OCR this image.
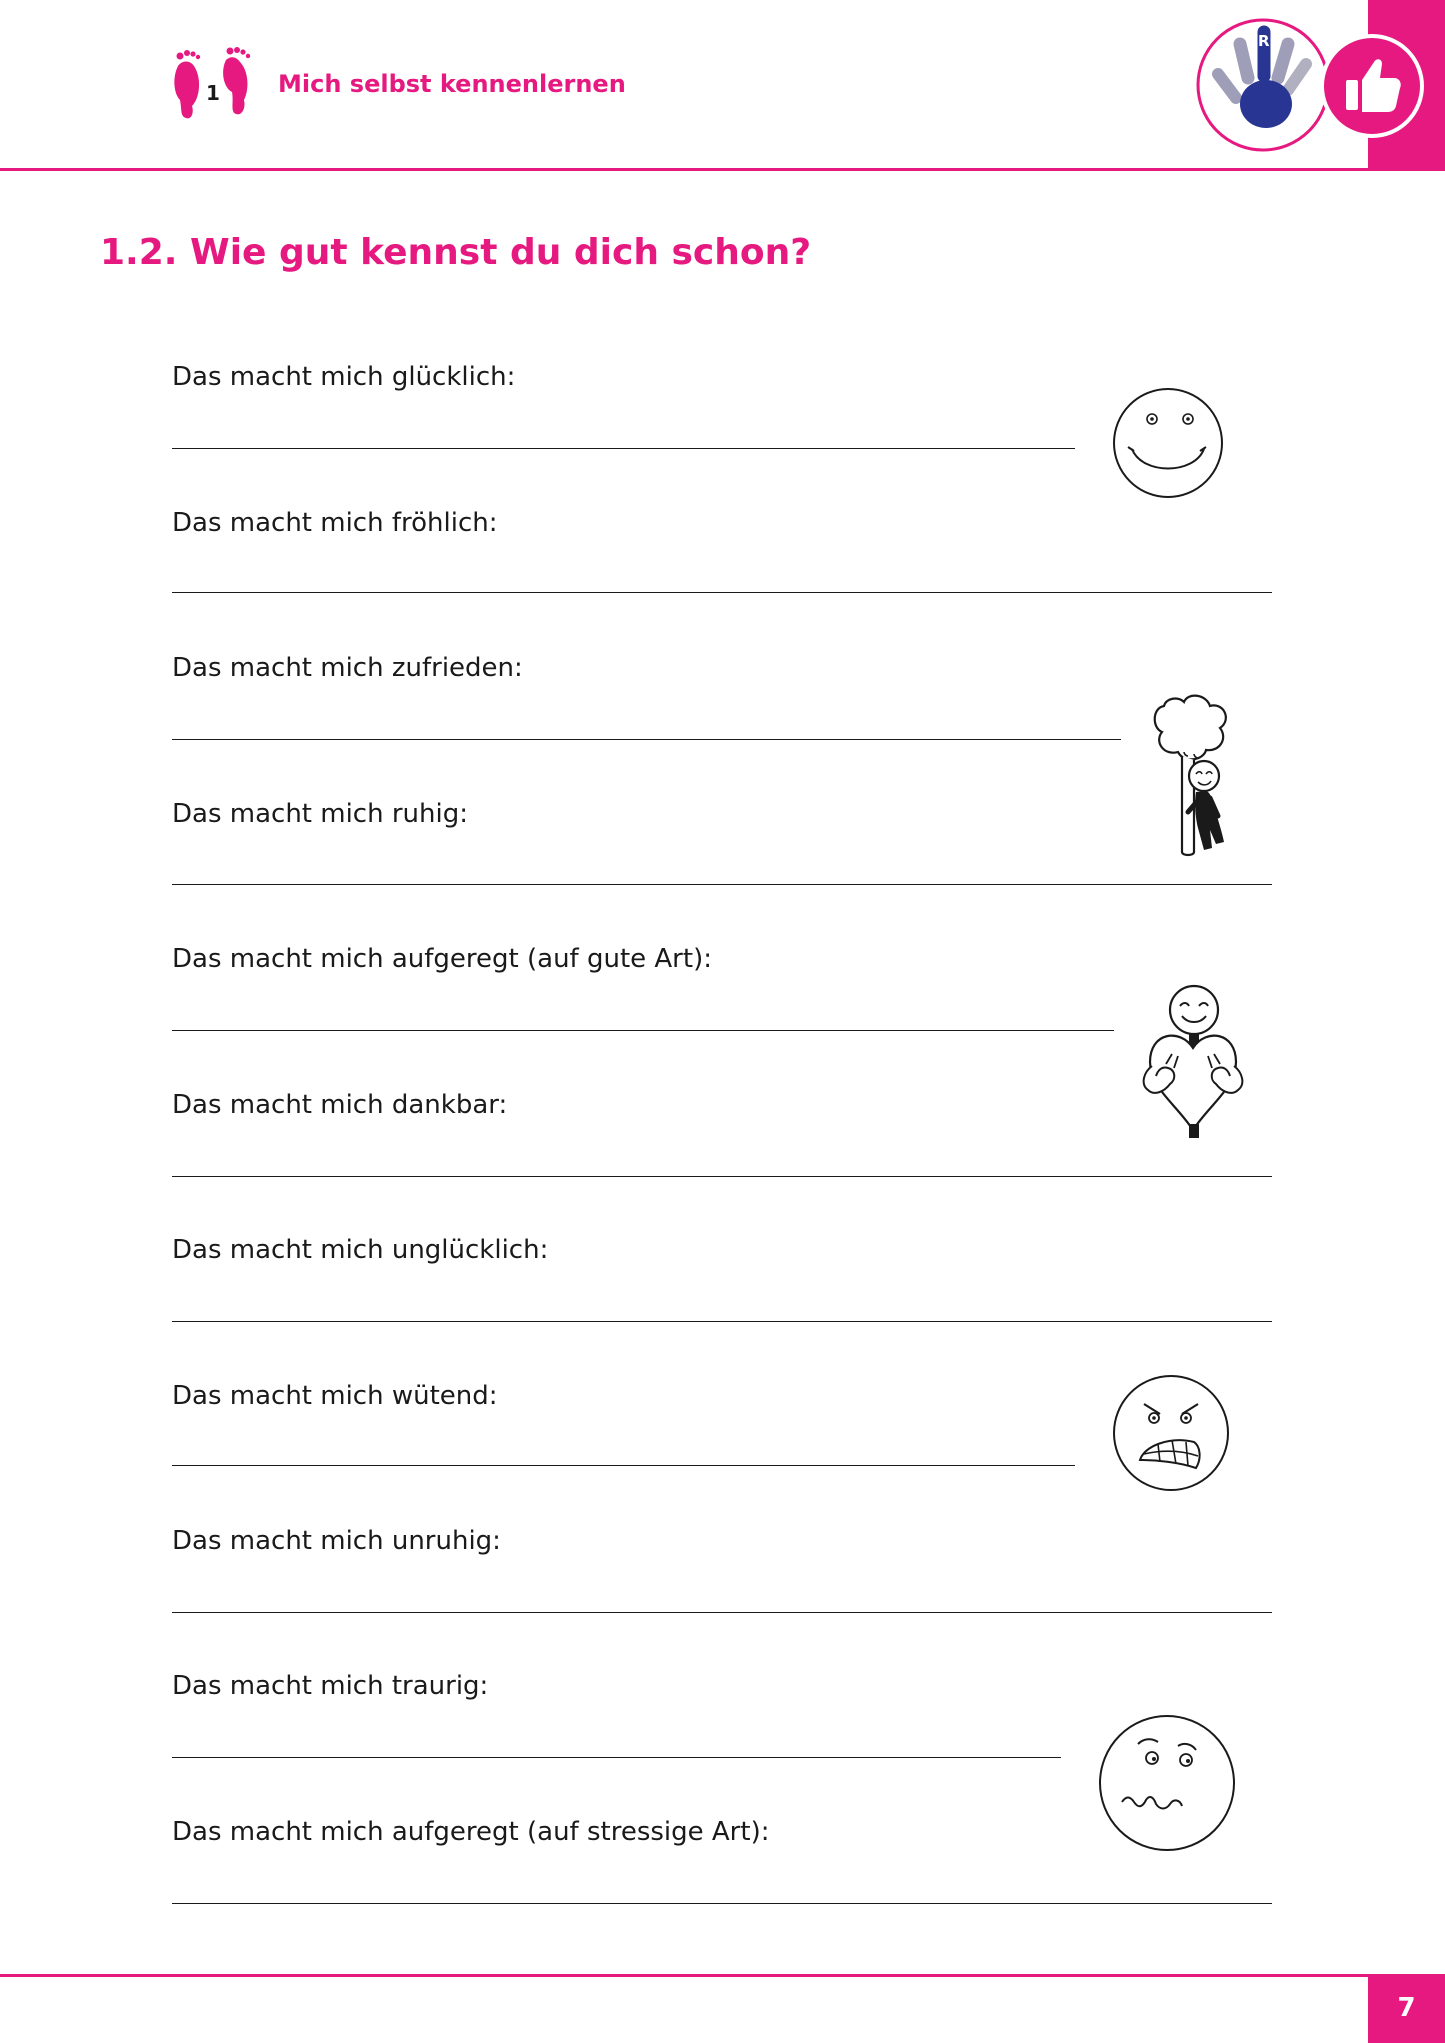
1 Mich selbst kennenlernen
R
1.2. Wie gut kennst du dich schon?
Das macht mich glücklich:
Das macht mich fröhlich:
Das macht mich zufrieden:
Das macht mich ruhig:
Das macht mich aufgeregt (auf gute Art):
Das macht mich dankbar:
Das macht mich unglücklich:
Das macht mich wütend:
Das macht mich unruhig:
Das macht mich traurig:
Das macht mich aufgeregt (auf stressige Art):
7
